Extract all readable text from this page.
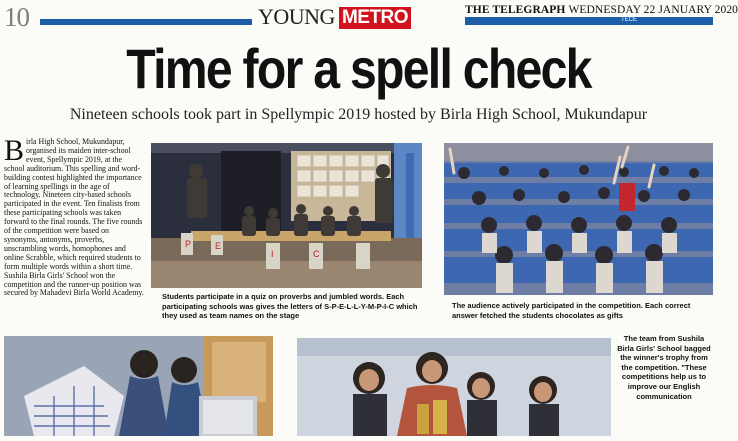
10	YOUNG METRO	THE TELEGRAPH WEDNESDAY 22 JANUARY 2020
TECE
Time for a spell check
Nineteen schools took part in Spellympic 2019 hosted by Birla High School, Mukundapur
Birla High School, Mukundapur, organised its maiden inter-school event, Spellympic 2019, at the school auditorium. This spelling and word-building contest highlighted the importance of learning spellings in the age of technology. Nineteen city-based schools participated in the event. Ten finalists from these participating schools was taken forward to the final rounds. The five rounds of the competition were based on synonyms, antonyms, proverbs, unscrambling words, homophones and online Scrabble, which required students to form multiple words within a short time. Sushila Birla Girls' School won the competition and the runner-up position was secured by Mahadevi Birla World Academy.
P	E
I	C
Students participate in a quiz on proverbs and jumbled words. Each participating schools was gives the letters of S-P-E-L-L-Y-M-P-I-C which they used as team names on the stage
The audience actively participated in the competition. Each correct answer fetched the students chocolates as gifts
The team from Sushila Birla Girls' School bagged the winner's trophy from the competition. "These competitions help us to improve our English communication
